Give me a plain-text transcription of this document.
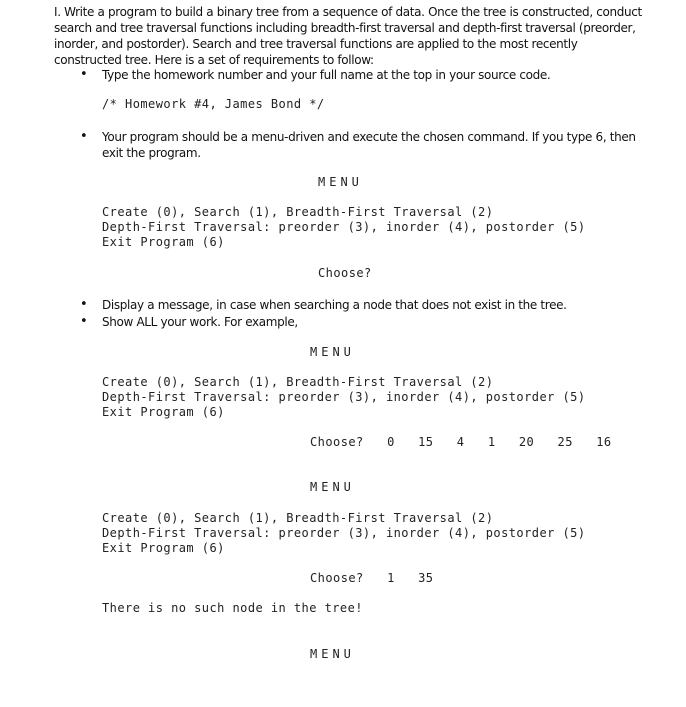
I. Write a program to build a binary tree from a sequence of data. Once the tree is constructed, conduct search and tree traversal functions including breadth-first traversal and depth-first traversal (preorder, inorder, and postorder). Search and tree traversal functions are applied to the most recently constructed tree. Here is a set of requirements to follow:

• Type the homework number and your full name at the top in your source code.
/* Homework #4, James Bond */
• Your program should be a menu-driven and execute the chosen command. If you type 6, then exit the program.
MENU
Create (0), Search (1), Breadth-First Traversal (2)
Depth-First Traversal: preorder (3), inorder (4), postorder (5)
Exit Program (6)
Choose?
• Display a message, in case when searching a node that does not exist in the tree.
• Show ALL your work. For example,
MENU
Create (0), Search (1), Breadth-First Traversal (2)
Depth-First Traversal: preorder (3), inorder (4), postorder (5)
Exit Program (6)
Choose?  0  15  4  1  20  25  16
MENU
Create (0), Search (1), Breadth-First Traversal (2)
Depth-First Traversal: preorder (3), inorder (4), postorder (5)
Exit Program (6)
Choose?  1  35
There is no such node in the tree!
MENU
